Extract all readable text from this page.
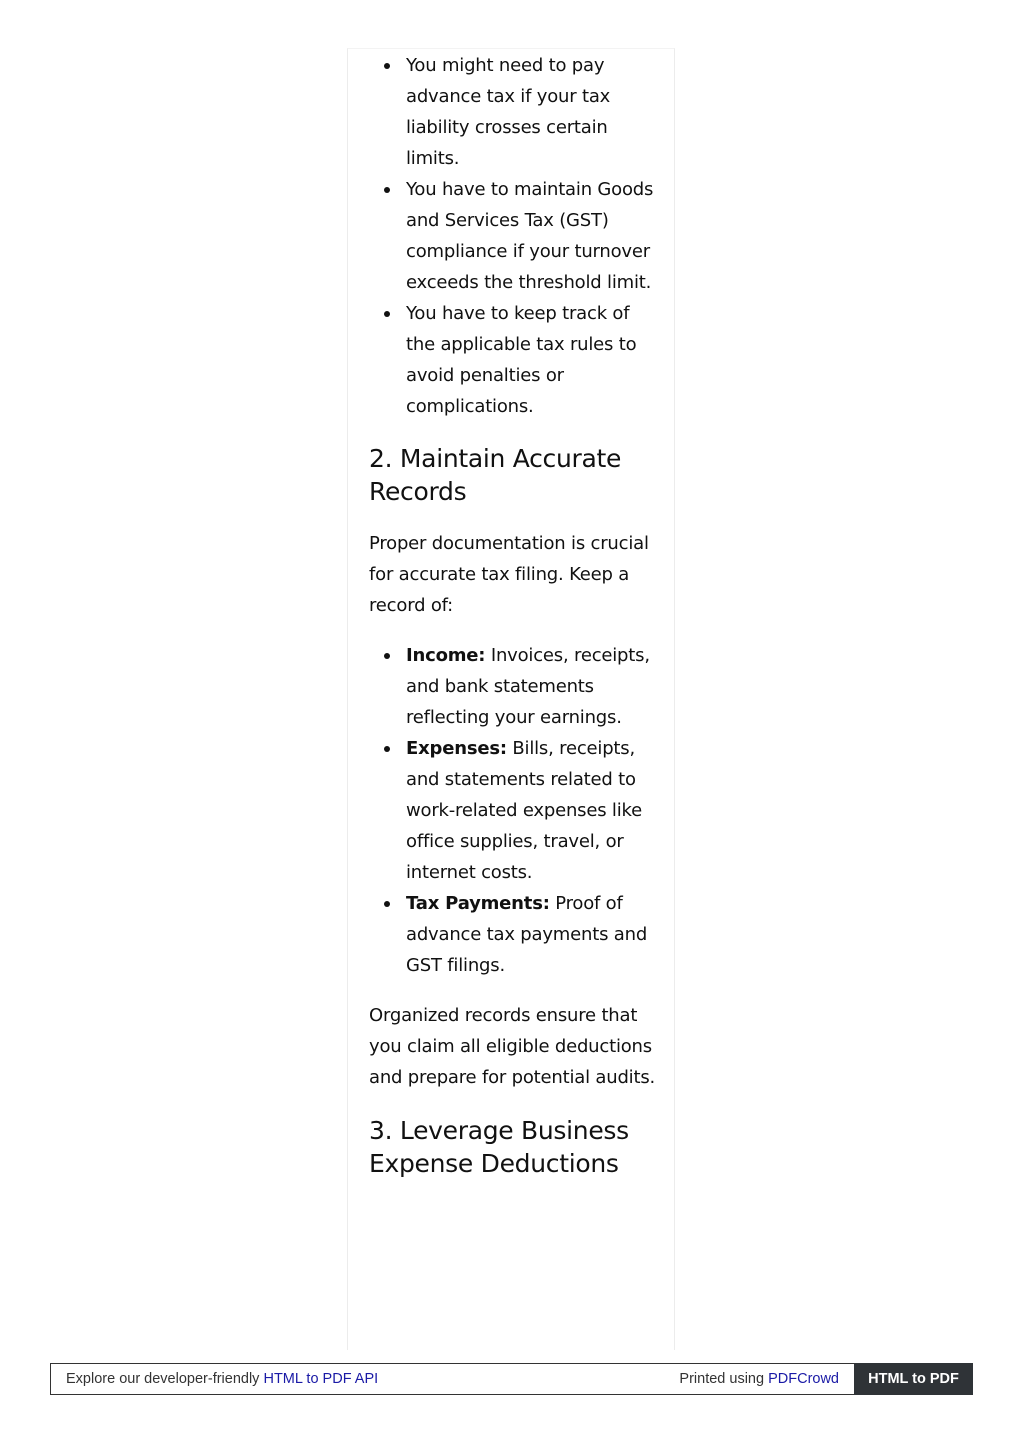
You might need to pay advance tax if your tax liability crosses certain limits.
You have to maintain Goods and Services Tax (GST) compliance if your turnover exceeds the threshold limit.
You have to keep track of the applicable tax rules to avoid penalties or complications.
2. Maintain Accurate Records

Proper documentation is crucial for accurate tax filing. Keep a record of:

Income: Invoices, receipts, and bank statements reflecting your earnings.
Expenses: Bills, receipts, and statements related to work-related expenses like office supplies, travel, or internet costs.
Tax Payments: Proof of advance tax payments and GST filings.

Organized records ensure that you claim all eligible deductions and prepare for potential audits.

3. Leverage Business Expense Deductions
Explore our developer-friendly HTML to PDF API	Printed using PDFCrowd	HTML to PDF
